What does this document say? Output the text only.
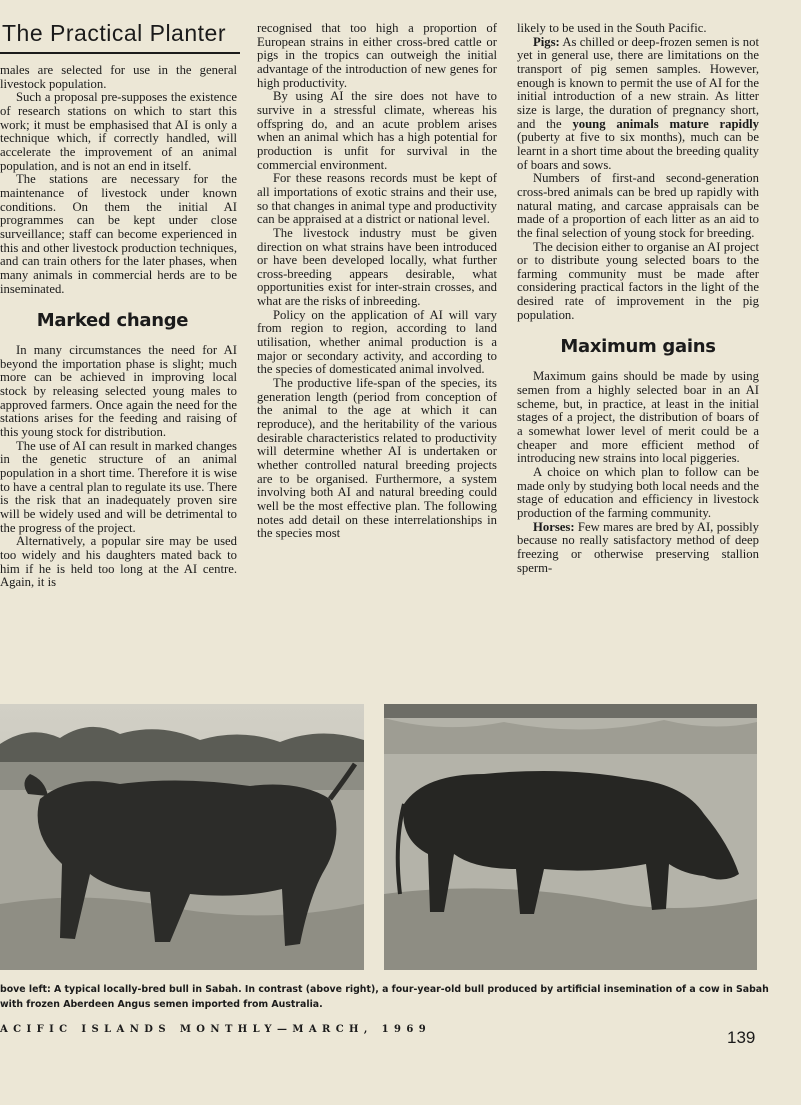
The Practical Planter

males are selected for use in the general livestock population.

Such a proposal pre-supposes the existence of research stations on which to start this work; it must be emphasised that AI is only a technique which, if correctly handled, will accelerate the improvement of an animal population, and is not an end in itself.

The stations are necessary for the maintenance of livestock under known conditions. On them the initial AI programmes can be kept under close surveillance; staff can become experienced in this and other livestock production techniques, and can train others for the later phases, when many animals in commercial herds are to be inseminated.

Marked change

In many circumstances the need for AI beyond the importation phase is slight; much more can be achieved in improving local stock by releasing selected young males to approved farmers. Once again the need for the stations arises for the feeding and raising of this young stock for distribution.

The use of AI can result in marked changes in the genetic structure of an animal population in a short time. Therefore it is wise to have a central plan to regulate its use. There is the risk that an inadequately proven sire will be widely used and will be detrimental to the progress of the project.

Alternatively, a popular sire may be used too widely and his daughters mated back to him if he is held too long at the AI centre. Again, it is

recognised that too high a proportion of European strains in either cross-bred cattle or pigs in the tropics can outweigh the initial advantage of the introduction of new genes for high productivity.

By using AI the sire does not have to survive in a stressful climate, whereas his offspring do, and an acute problem arises when an animal which has a high potential for production is unfit for survival in the commercial environment.

For these reasons records must be kept of all importations of exotic strains and their use, so that changes in animal type and productivity can be appraised at a district or national level.

The livestock industry must be given direction on what strains have been introduced or have been developed locally, what further cross-breeding appears desirable, what opportunities exist for inter-strain crosses, and what are the risks of inbreeding.

Policy on the application of AI will vary from region to region, according to land utilisation, whether animal production is a major or secondary activity, and according to the species of domesticated animal involved.

The productive life-span of the species, its generation length (period from conception of the animal to the age at which it can reproduce), and the heritability of the various desirable characteristics related to productivity will determine whether AI is undertaken or whether controlled natural breeding projects are to be organised. Furthermore, a system involving both AI and natural breeding could well be the most effective plan. The following notes add detail on these interrelationships in the species most

likely to be used in the South Pacific.

Pigs: As chilled or deep-frozen semen is not yet in general use, there are limitations on the transport of pig semen samples. However, enough is known to permit the use of AI for the initial introduction of a new strain. As litter size is large, the duration of pregnancy short, and the young animals mature rapidly (puberty at five to six months), much can be learnt in a short time about the breeding quality of boars and sows.

Numbers of first-and second-generation cross-bred animals can be bred up rapidly with natural mating, and carcase appraisals can be made of a proportion of each litter as an aid to the final selection of young stock for breeding.

The decision either to organise an AI project or to distribute young selected boars to the farming community must be made after considering practical factors in the light of the desired rate of improvement in the pig population.

Maximum gains

Maximum gains should be made by using semen from a highly selected boar in an AI scheme, but, in practice, at least in the initial stages of a project, the distribution of boars of a somewhat lower level of merit could be a cheaper and more efficient method of introducing new strains into local piggeries.

A choice on which plan to follow can be made only by studying both local needs and the stage of education and efficiency in livestock production of the farming community.

Horses: Few mares are bred by AI, possibly because no really satisfactory method of deep freezing or otherwise preserving stallion sperm-

bove left: A typical locally-bred bull in Sabah. In contrast (above right), a four-year-old bull produced by artificial insemination of a cow in Sabah with frozen Aberdeen Angus semen imported from Australia.
ACIFIC ISLANDS MONTHLY—MARCH, 1969	139
